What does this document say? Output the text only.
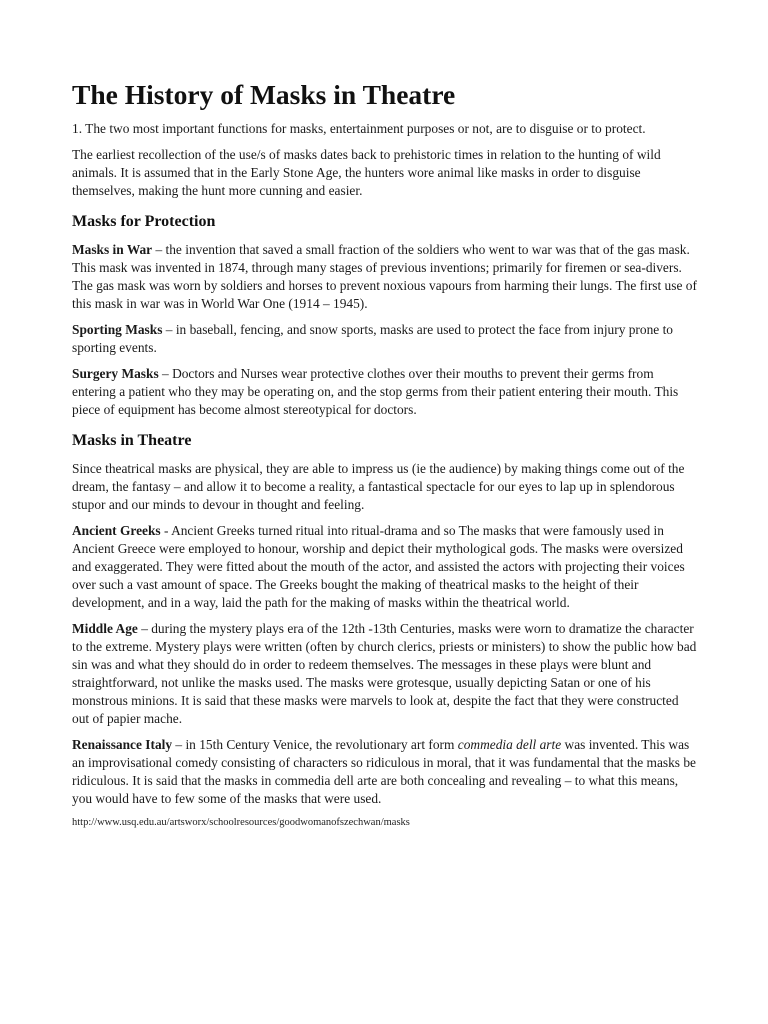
The History of Masks in Theatre

1. The two most important functions for masks, entertainment purposes or not, are to disguise or to protect.

The earliest recollection of the use/s of masks dates back to prehistoric times in relation to the hunting of wild animals. It is assumed that in the Early Stone Age, the hunters wore animal like masks in order to disguise themselves, making the hunt more cunning and easier.

Masks for Protection

Masks in War – the invention that saved a small fraction of the soldiers who went to war was that of the gas mask. This mask was invented in 1874, through many stages of previous inventions; primarily for firemen or sea-divers. The gas mask was worn by soldiers and horses to prevent noxious vapours from harming their lungs. The first use of this mask in war was in World War One (1914 – 1945).

Sporting Masks – in baseball, fencing, and snow sports, masks are used to protect the face from injury prone to sporting events.

Surgery Masks – Doctors and Nurses wear protective clothes over their mouths to prevent their germs from entering a patient who they may be operating on, and the stop germs from their patient entering their mouth. This piece of equipment has become almost stereotypical for doctors.

Masks in Theatre

Since theatrical masks are physical, they are able to impress us (ie the audience) by making things come out of the dream, the fantasy – and allow it to become a reality, a fantastical spectacle for our eyes to lap up in splendorous stupor and our minds to devour in thought and feeling.

Ancient Greeks - Ancient Greeks turned ritual into ritual-drama and so The masks that were famously used in Ancient Greece were employed to honour, worship and depict their mythological gods. The masks were oversized and exaggerated. They were fitted about the mouth of the actor, and assisted the actors with projecting their voices over such a vast amount of space. The Greeks bought the making of theatrical masks to the height of their development, and in a way, laid the path for the making of masks within the theatrical world.

Middle Age – during the mystery plays era of the 12th -13th Centuries, masks were worn to dramatize the character to the extreme. Mystery plays were written (often by church clerics, priests or ministers) to show the public how bad sin was and what they should do in order to redeem themselves. The messages in these plays were blunt and straightforward, not unlike the masks used. The masks were grotesque, usually depicting Satan or one of his monstrous minions. It is said that these masks were marvels to look at, despite the fact that they were constructed out of papier mache.

Renaissance Italy – in 15th Century Venice, the revolutionary art form commedia dell arte was invented. This was an improvisational comedy consisting of characters so ridiculous in moral, that it was fundamental that the masks be ridiculous. It is said that the masks in commedia dell arte are both concealing and revealing – to what this means, you would have to few some of the masks that were used.

http://www.usq.edu.au/artsworx/schoolresources/goodwomanofszechwan/masks
